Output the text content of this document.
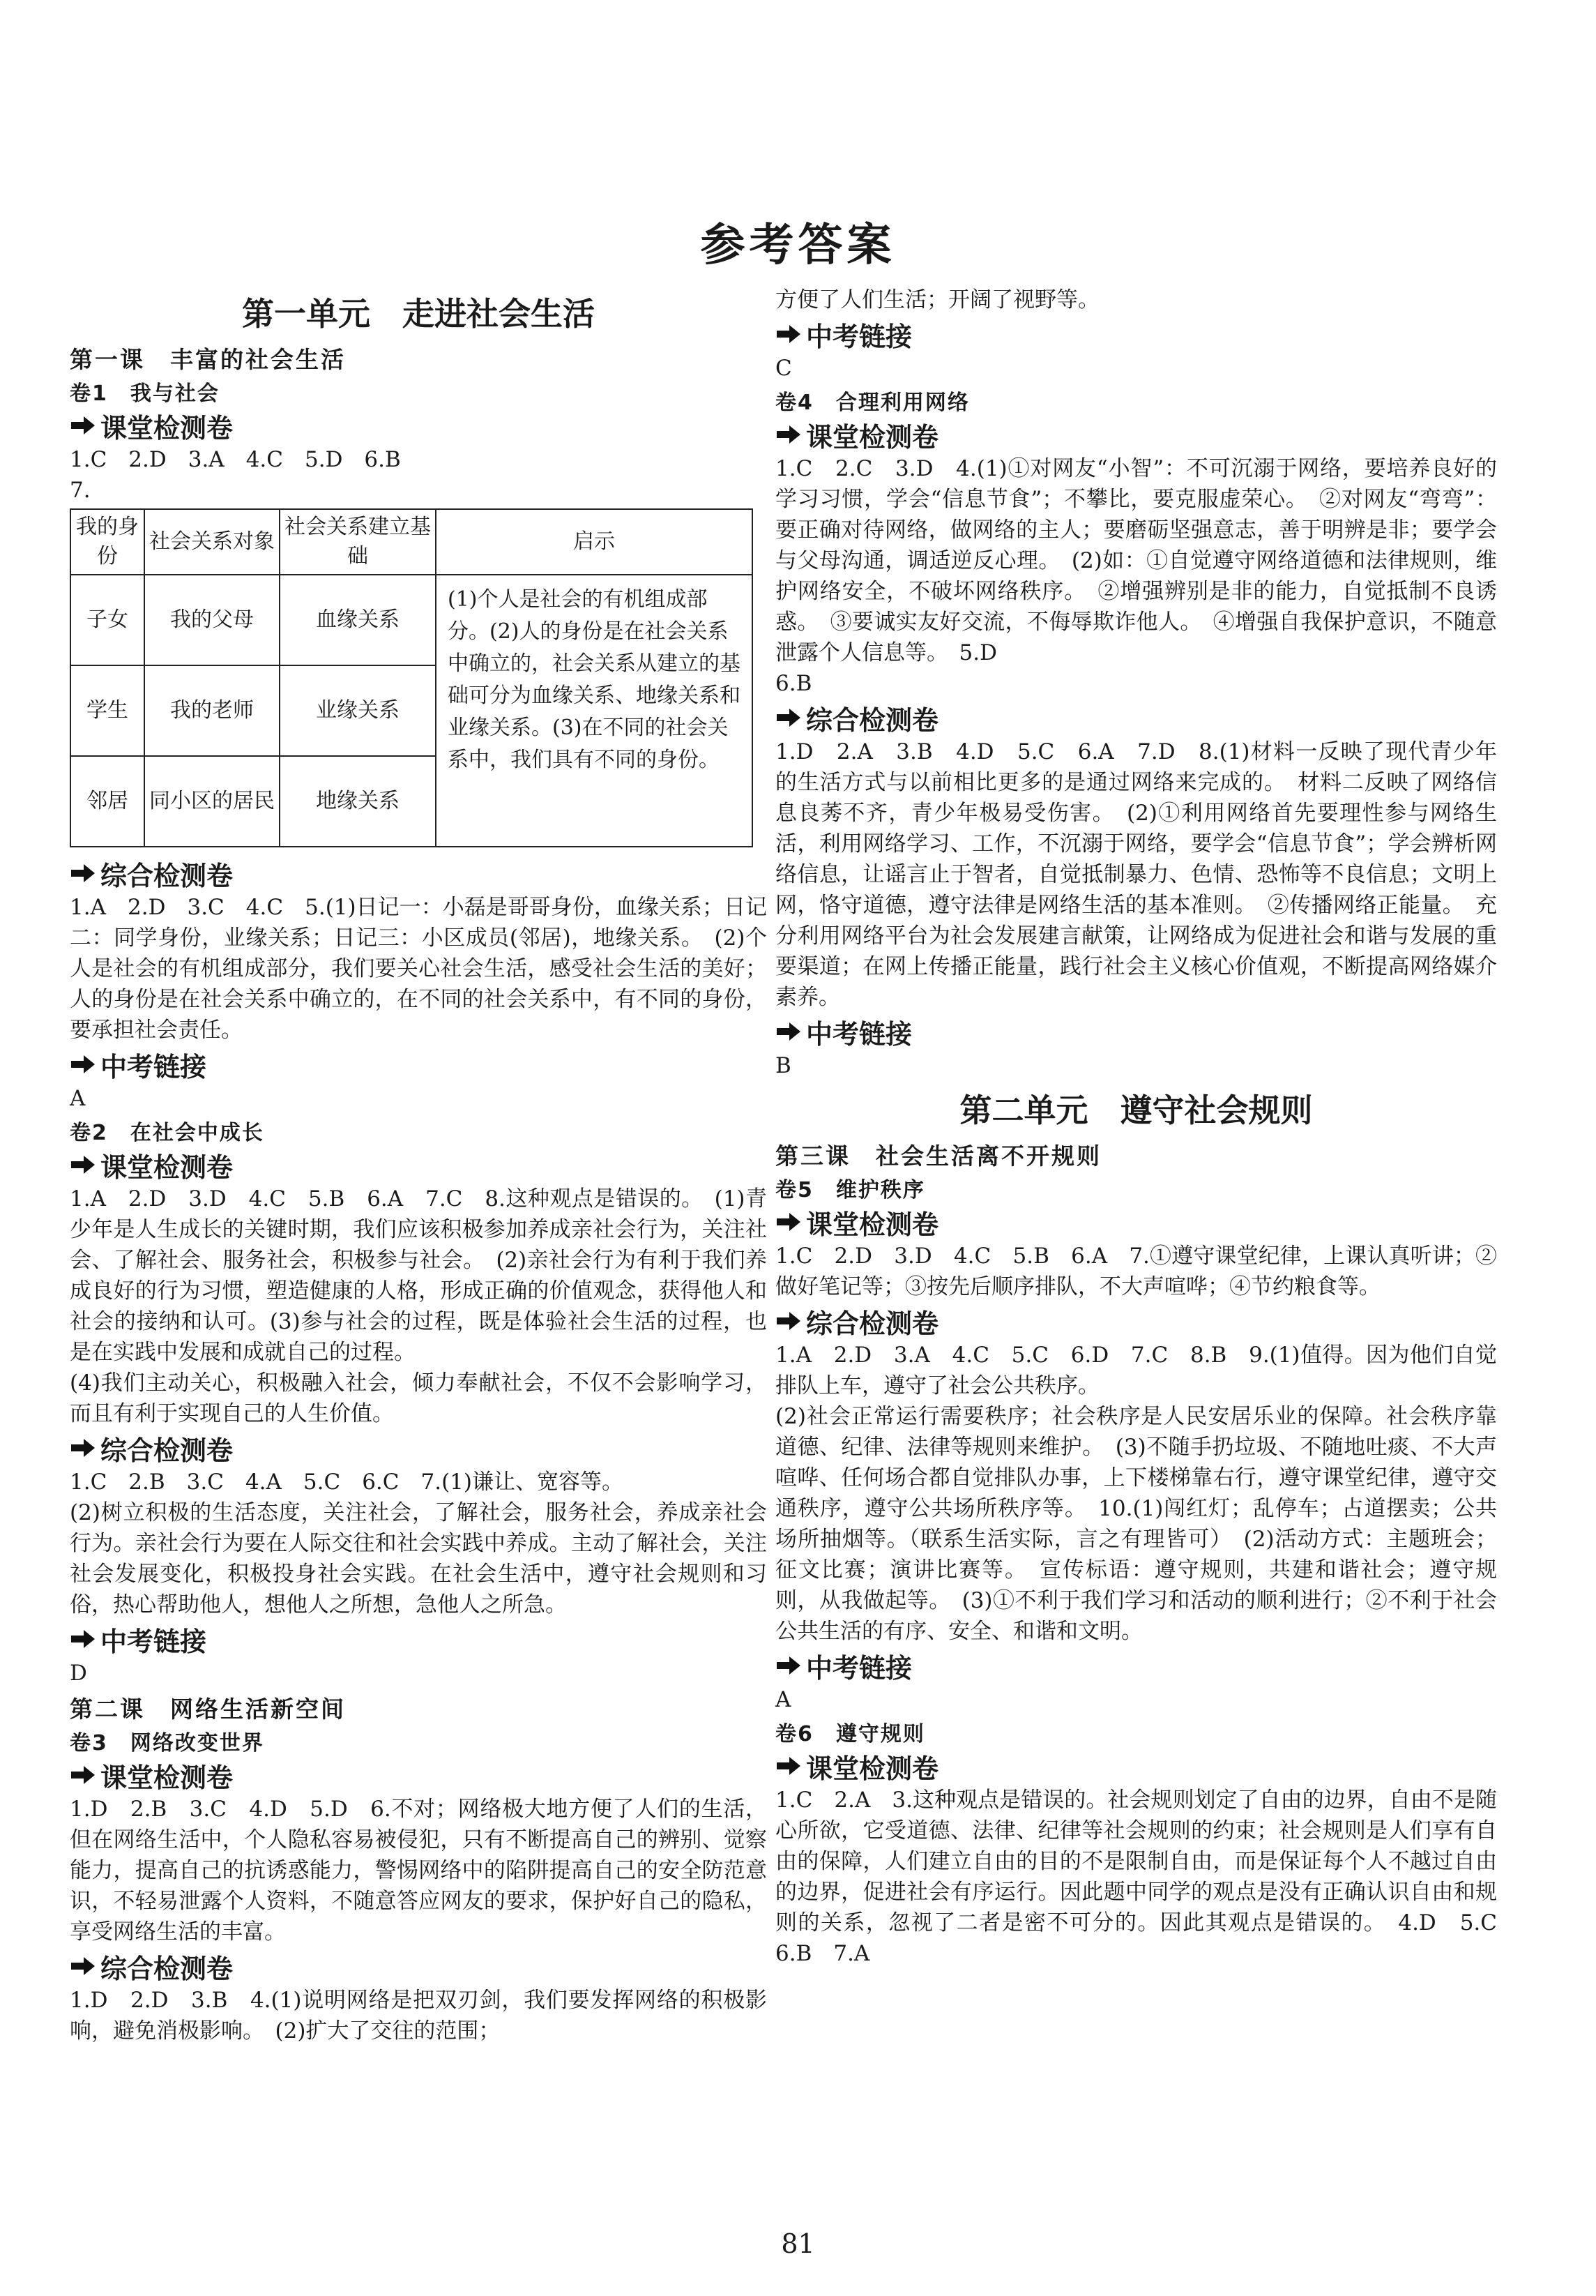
参考答案
第一单元　走进社会生活
第一课　丰富的社会生活
卷1　我与社会
课堂检测卷

1.C　2.D　3.A　4.C　5.D　6.B

7.

我的身份	社会关系对象	社会关系建立基础	启示
子女	我的父母	血缘关系	(1)个人是社会的有机组成部分。(2)人的身份是在社会关系中确立的，社会关系从建立的基础可分为血缘关系、地缘关系和业缘关系。(3)在不同的社会关系中，我们具有不同的身份。
学生	我的老师	业缘关系	
邻居	同小区的居民	地缘关系	
综合检测卷

1.A　2.D　3.C　4.C　5.(1)日记一：小磊是哥哥身份，血缘关系；日记二：同学身份，业缘关系；日记三：小区成员(邻居)，地缘关系。　(2)个人是社会的有机组成部分，我们要关心社会生活，感受社会生活的美好；人的身份是在社会关系中确立的，在不同的社会关系中，有不同的身份，要承担社会责任。

中考链接

A

卷2　在社会中成长
课堂检测卷

1.A　2.D　3.D　4.C　5.B　6.A　7.C　8.这种观点是错误的。　(1)青少年是人生成长的关键时期，我们应该积极参加养成亲社会行为，关注社会、了解社会、服务社会，积极参与社会。　(2)亲社会行为有利于我们养成良好的行为习惯，塑造健康的人格，形成正确的价值观念，获得他人和社会的接纳和认可。(3)参与社会的过程，既是体验社会生活的过程，也是在实践中发展和成就自己的过程。

(4)我们主动关心，积极融入社会，倾力奉献社会，不仅不会影响学习，而且有利于实现自己的人生价值。

综合检测卷

1.C　2.B　3.C　4.A　5.C　6.C　7.(1)谦让、宽容等。

(2)树立积极的生活态度，关注社会，了解社会，服务社会，养成亲社会行为。亲社会行为要在人际交往和社会实践中养成。主动了解社会，关注社会发展变化，积极投身社会实践。在社会生活中，遵守社会规则和习俗，热心帮助他人，想他人之所想，急他人之所急。

中考链接

D

第二课　网络生活新空间
卷3　网络改变世界
课堂检测卷

1.D　2.B　3.C　4.D　5.D　6.不对；网络极大地方便了人们的生活，但在网络生活中，个人隐私容易被侵犯，只有不断提高自己的辨别、觉察能力，提高自己的抗诱惑能力，警惕网络中的陷阱提高自己的安全防范意识，不轻易泄露个人资料，不随意答应网友的要求，保护好自己的隐私，享受网络生活的丰富。

综合检测卷

1.D　2.D　3.B　4.(1)说明网络是把双刃剑，我们要发挥网络的积极影响，避免消极影响。　(2)扩大了交往的范围；

方便了人们生活；开阔了视野等。

中考链接

C

卷4　合理利用网络
课堂检测卷

1.C　2.C　3.D　4.(1)①对网友“小智”：不可沉溺于网络，要培养良好的学习习惯，学会“信息节食”；不攀比，要克服虚荣心。　②对网友“弯弯”：要正确对待网络，做网络的主人；要磨砺坚强意志，善于明辨是非；要学会与父母沟通，调适逆反心理。　(2)如：①自觉遵守网络道德和法律规则，维护网络安全，不破坏网络秩序。　②增强辨别是非的能力，自觉抵制不良诱惑。　③要诚实友好交流，不侮辱欺诈他人。　④增强自我保护意识，不随意泄露个人信息等。　5.D

6.B

综合检测卷

1.D　2.A　3.B　4.D　5.C　6.A　7.D　8.(1)材料一反映了现代青少年的生活方式与以前相比更多的是通过网络来完成的。　材料二反映了网络信息良莠不齐，青少年极易受伤害。　(2)①利用网络首先要理性参与网络生活，利用网络学习、工作，不沉溺于网络，要学会“信息节食”；学会辨析网络信息，让谣言止于智者，自觉抵制暴力、色情、恐怖等不良信息；文明上网，恪守道德，遵守法律是网络生活的基本准则。　②传播网络正能量。　充分利用网络平台为社会发展建言献策，让网络成为促进社会和谐与发展的重要渠道；在网上传播正能量，践行社会主义核心价值观，不断提高网络媒介素养。

中考链接

B

第二单元　遵守社会规则
第三课　社会生活离不开规则
卷5　维护秩序
课堂检测卷

1.C　2.D　3.D　4.C　5.B　6.A　7.①遵守课堂纪律，上课认真听讲；②做好笔记等；③按先后顺序排队，不大声喧哗；④节约粮食等。

综合检测卷

1.A　2.D　3.A　4.C　5.C　6.D　7.C　8.B　9.(1)值得。因为他们自觉排队上车，遵守了社会公共秩序。

(2)社会正常运行需要秩序；社会秩序是人民安居乐业的保障。社会秩序靠道德、纪律、法律等规则来维护。　(3)不随手扔垃圾、不随地吐痰、不大声喧哗、任何场合都自觉排队办事，上下楼梯靠右行，遵守课堂纪律，遵守交通秩序，遵守公共场所秩序等。　10.(1)闯红灯；乱停车；占道摆卖；公共场所抽烟等。（联系生活实际，言之有理皆可）　(2)活动方式：主题班会；征文比赛；演讲比赛等。　宣传标语：遵守规则，共建和谐社会；遵守规则，从我做起等。　(3)①不利于我们学习和活动的顺利进行；②不利于社会公共生活的有序、安全、和谐和文明。

中考链接

A

卷6　遵守规则
课堂检测卷

1.C　2.A　3.这种观点是错误的。社会规则划定了自由的边界，自由不是随心所欲，它受道德、法律、纪律等社会规则的约束；社会规则是人们享有自由的保障，人们建立自由的目的不是限制自由，而是保证每个人不越过自由的边界，促进社会有序运行。因此题中同学的观点是没有正确认识自由和规则的关系，忽视了二者是密不可分的。因此其观点是错误的。　4.D　5.C　6.B　7.A

81
